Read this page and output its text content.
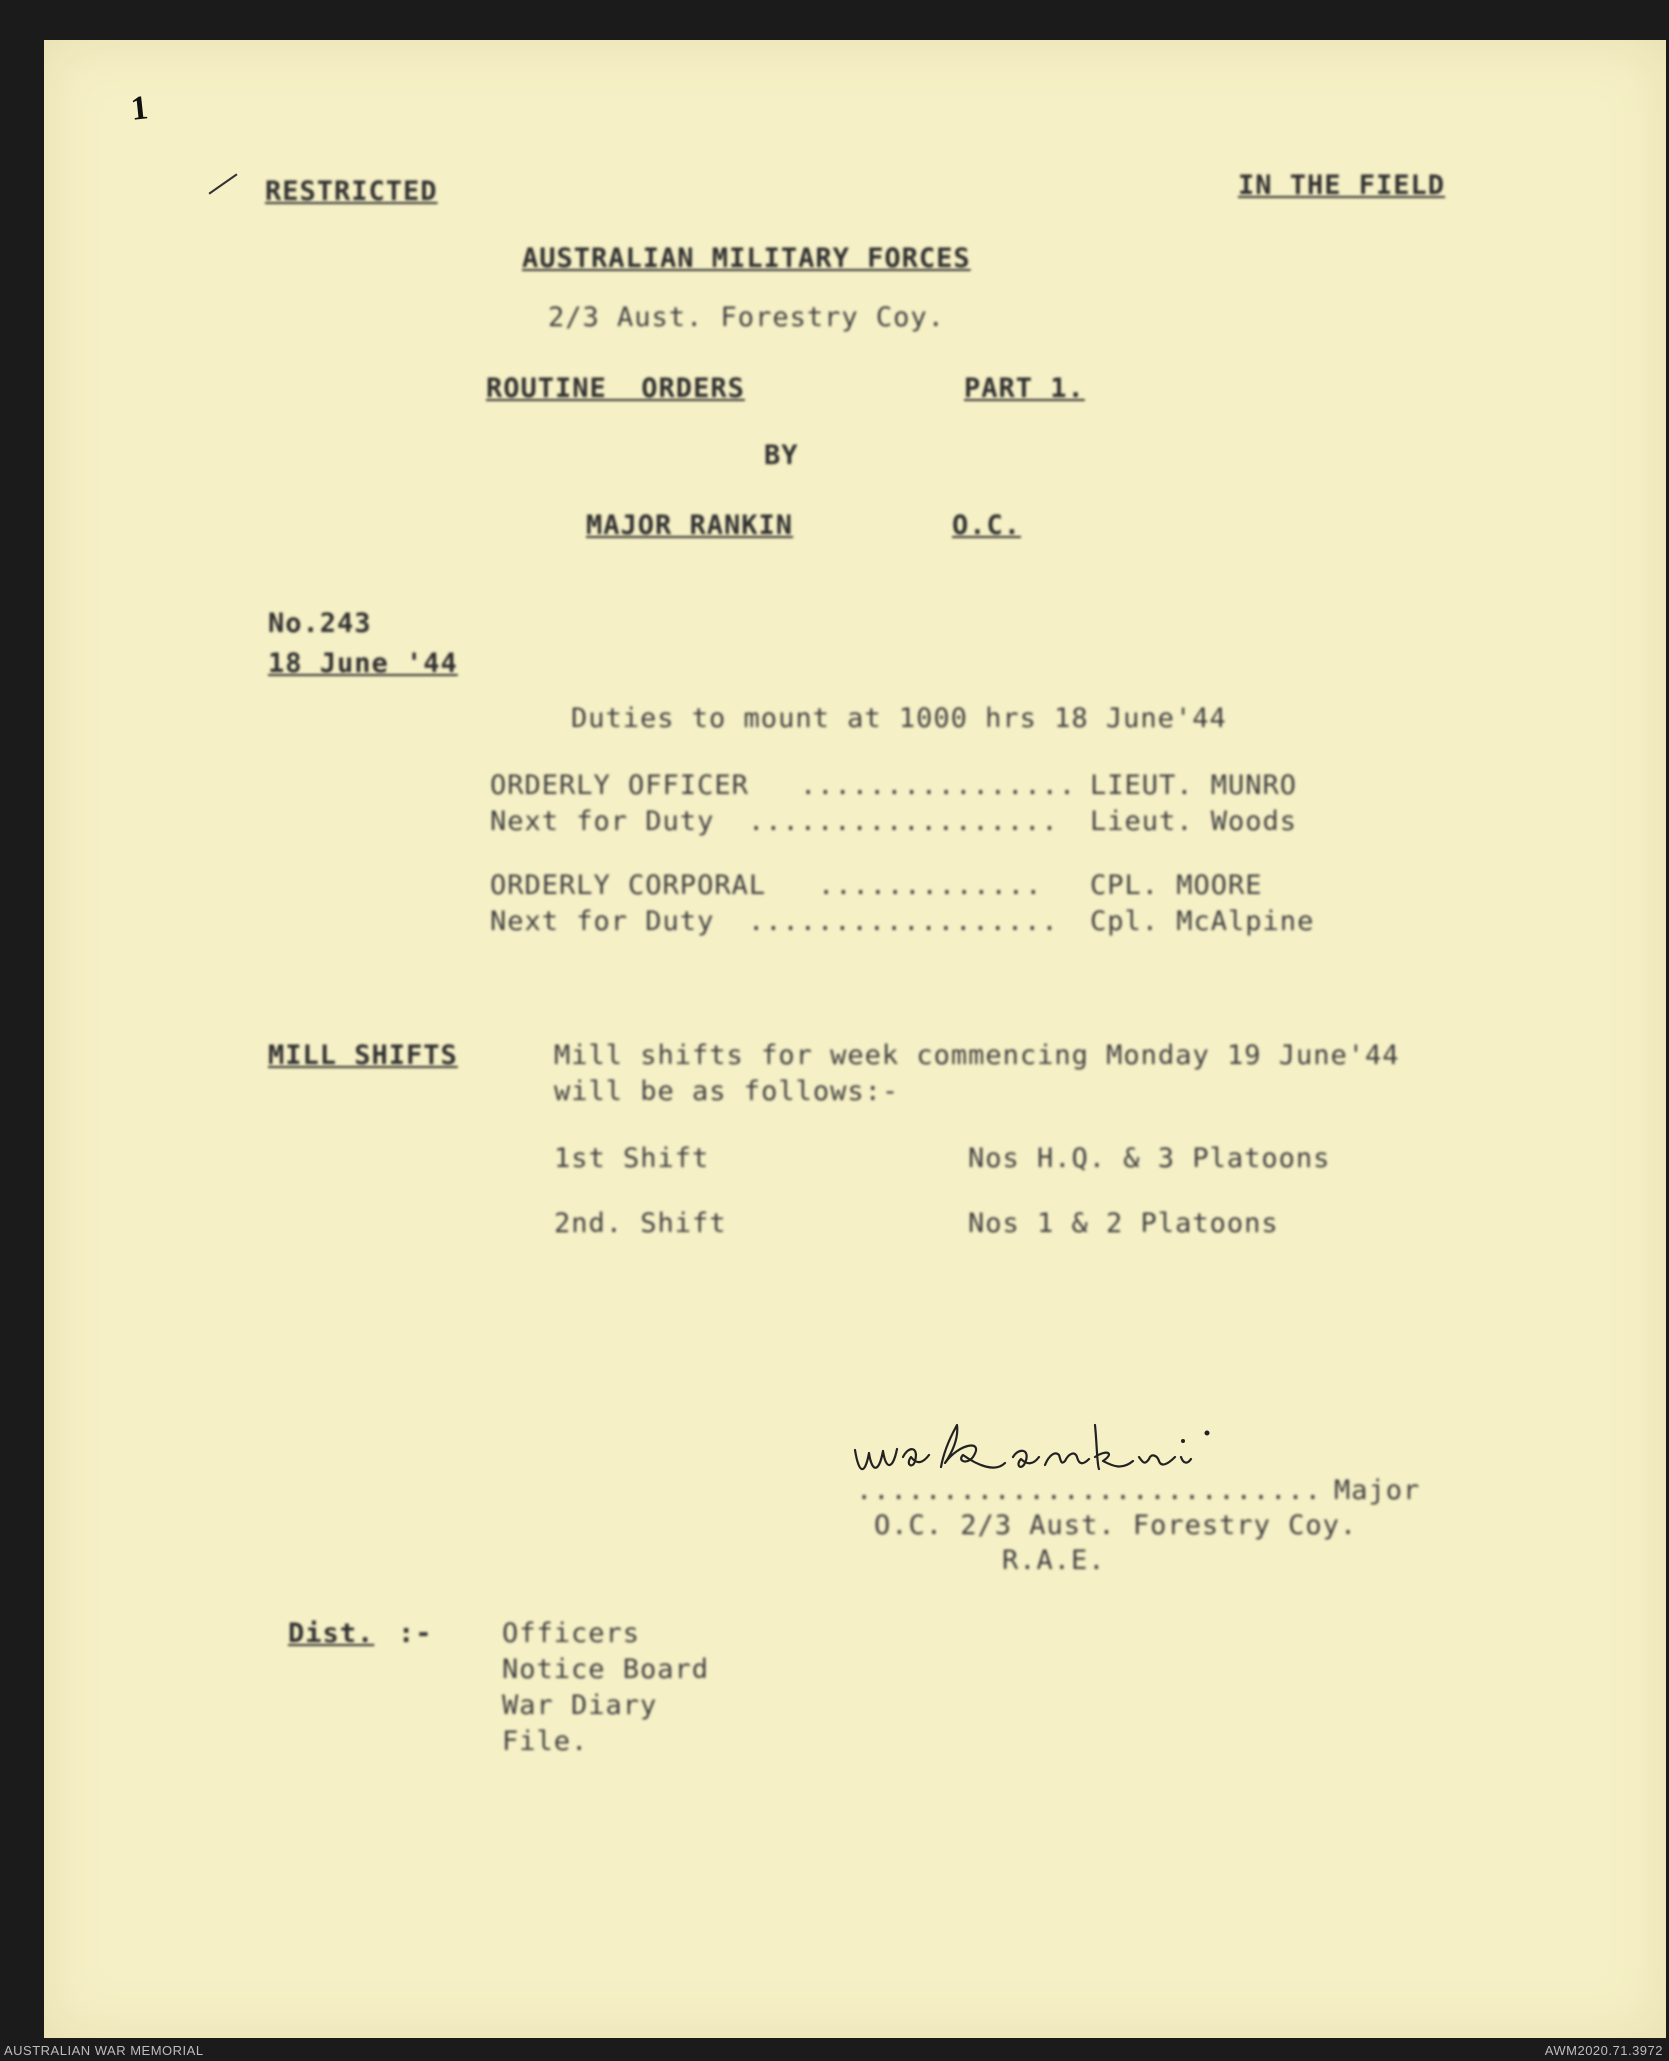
1
RESTRICTED	IN THE FIELD
AUSTRALIAN MILITARY FORCES
2/3 Aust. Forestry Coy.
ROUTINE  ORDERS	PART 1.
BY
MAJOR RANKIN	O.C.
No.243
18 June '44
Duties to mount at 1000 hrs 18 June'44
ORDERLY OFFICER ................ LIEUT. MUNRO
Next for Duty .................. Lieut. Woods
ORDERLY CORPORAL ............. CPL. MOORE
Next for Duty .................. Cpl. McAlpine
MILL SHIFTS	Mill shifts for week commencing Monday 19 June'44
will be as follows:-
1st Shift	Nos H.Q. & 3 Platoons
2nd. Shift	Nos 1 & 2 Platoons
........................... Major
O.C. 2/3 Aust. Forestry Coy.
R.A.E.
Dist. :-	Officers
Notice Board
War Diary
File.
AUSTRALIAN WAR MEMORIAL	AWM2020.71.3972
